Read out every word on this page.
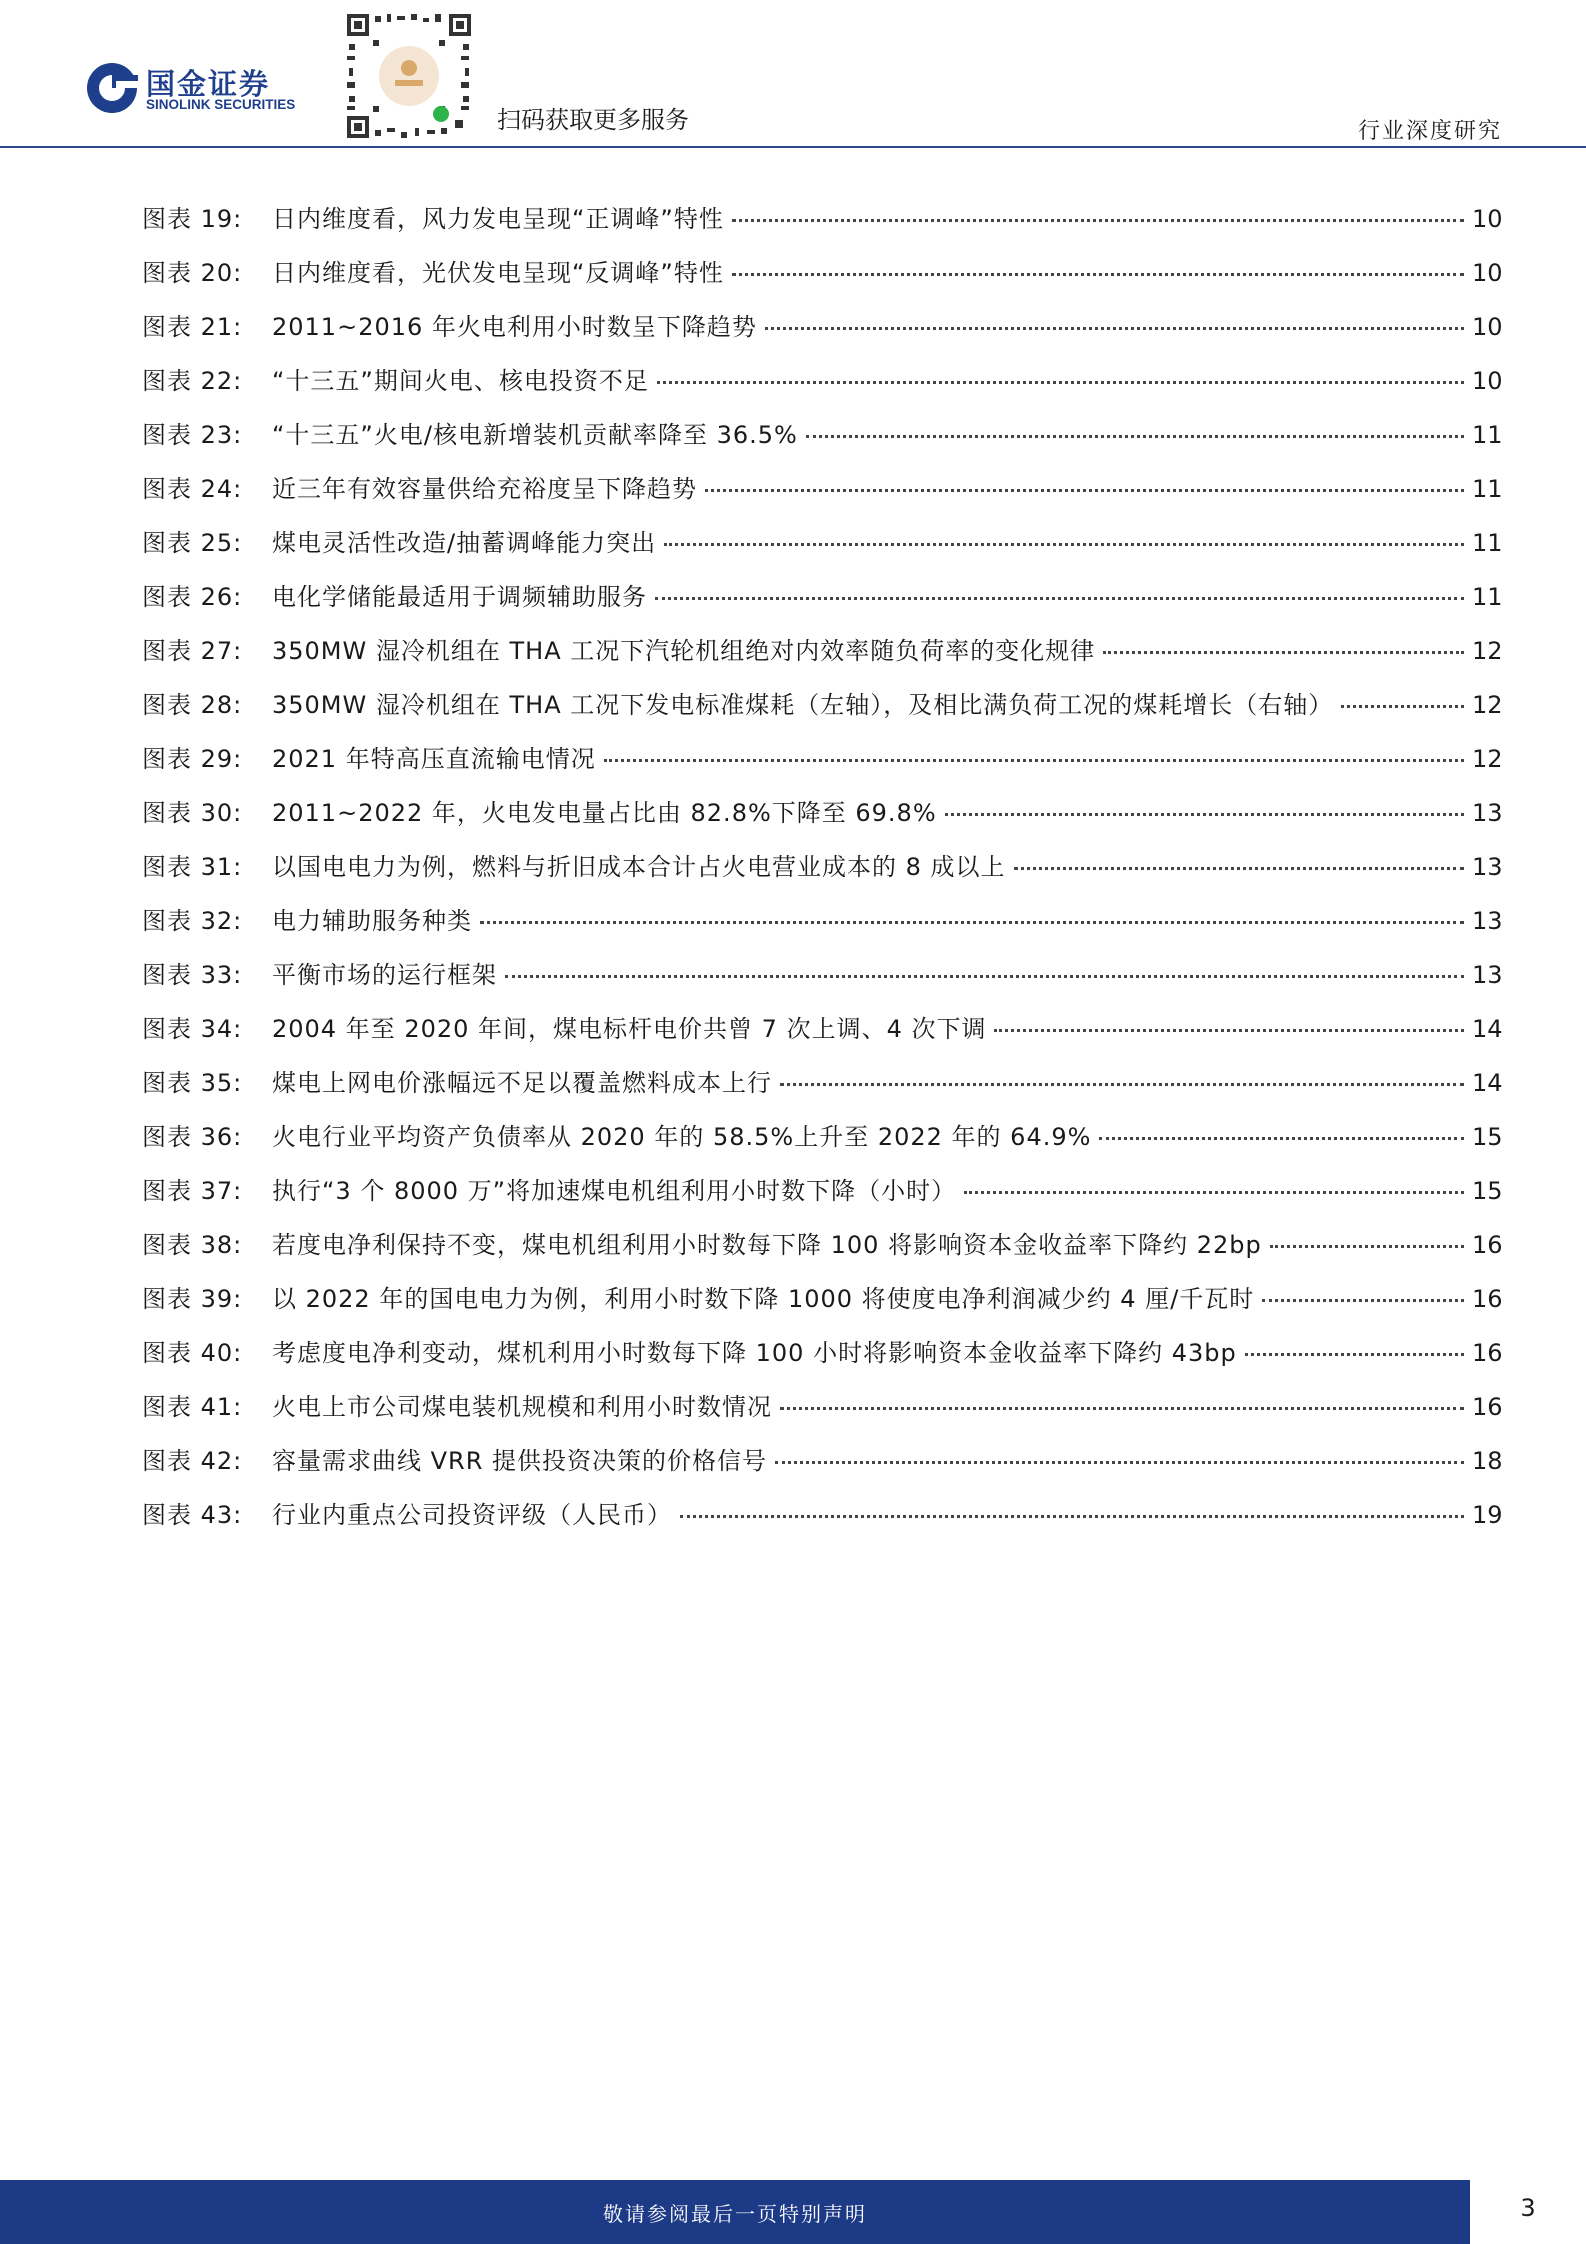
国金证券
SINOLINK SECURITIES
扫码获取更多服务	行业深度研究
图表 19:	日内维度看，风力发电呈现“正调峰”特性	10
图表 20:	日内维度看，光伏发电呈现“反调峰”特性	10
图表 21:	2011~2016 年火电利用小时数呈下降趋势	10
图表 22:	“十三五”期间火电、核电投资不足	10
图表 23:	“十三五”火电/核电新增装机贡献率降至 36.5%	11
图表 24:	近三年有效容量供给充裕度呈下降趋势	11
图表 25:	煤电灵活性改造/抽蓄调峰能力突出	11
图表 26:	电化学储能最适用于调频辅助服务	11
图表 27:	350MW 湿冷机组在 THA 工况下汽轮机组绝对内效率随负荷率的变化规律	12
图表 28:	350MW 湿冷机组在 THA 工况下发电标准煤耗（左轴），及相比满负荷工况的煤耗增长（右轴）	12
图表 29:	2021 年特高压直流输电情况	12
图表 30:	2011~2022 年，火电发电量占比由 82.8%下降至 69.8%	13
图表 31:	以国电电力为例，燃料与折旧成本合计占火电营业成本的 8 成以上	13
图表 32:	电力辅助服务种类	13
图表 33:	平衡市场的运行框架	13
图表 34:	2004 年至 2020 年间，煤电标杆电价共曾 7 次上调、4 次下调	14
图表 35:	煤电上网电价涨幅远不足以覆盖燃料成本上行	14
图表 36:	火电行业平均资产负债率从 2020 年的 58.5%上升至 2022 年的 64.9%	15
图表 37:	执行“3 个 8000 万”将加速煤电机组利用小时数下降（小时）	15
图表 38:	若度电净利保持不变，煤电机组利用小时数每下降 100 将影响资本金收益率下降约 22bp	16
图表 39:	以 2022 年的国电电力为例，利用小时数下降 1000 将使度电净利润减少约 4 厘/千瓦时	16
图表 40:	考虑度电净利变动，煤机利用小时数每下降 100 小时将影响资本金收益率下降约 43bp	16
图表 41:	火电上市公司煤电装机规模和利用小时数情况	16
图表 42:	容量需求曲线 VRR 提供投资决策的价格信号	18
图表 43:	行业内重点公司投资评级（人民币）	19
敬请参阅最后一页特别声明	3
